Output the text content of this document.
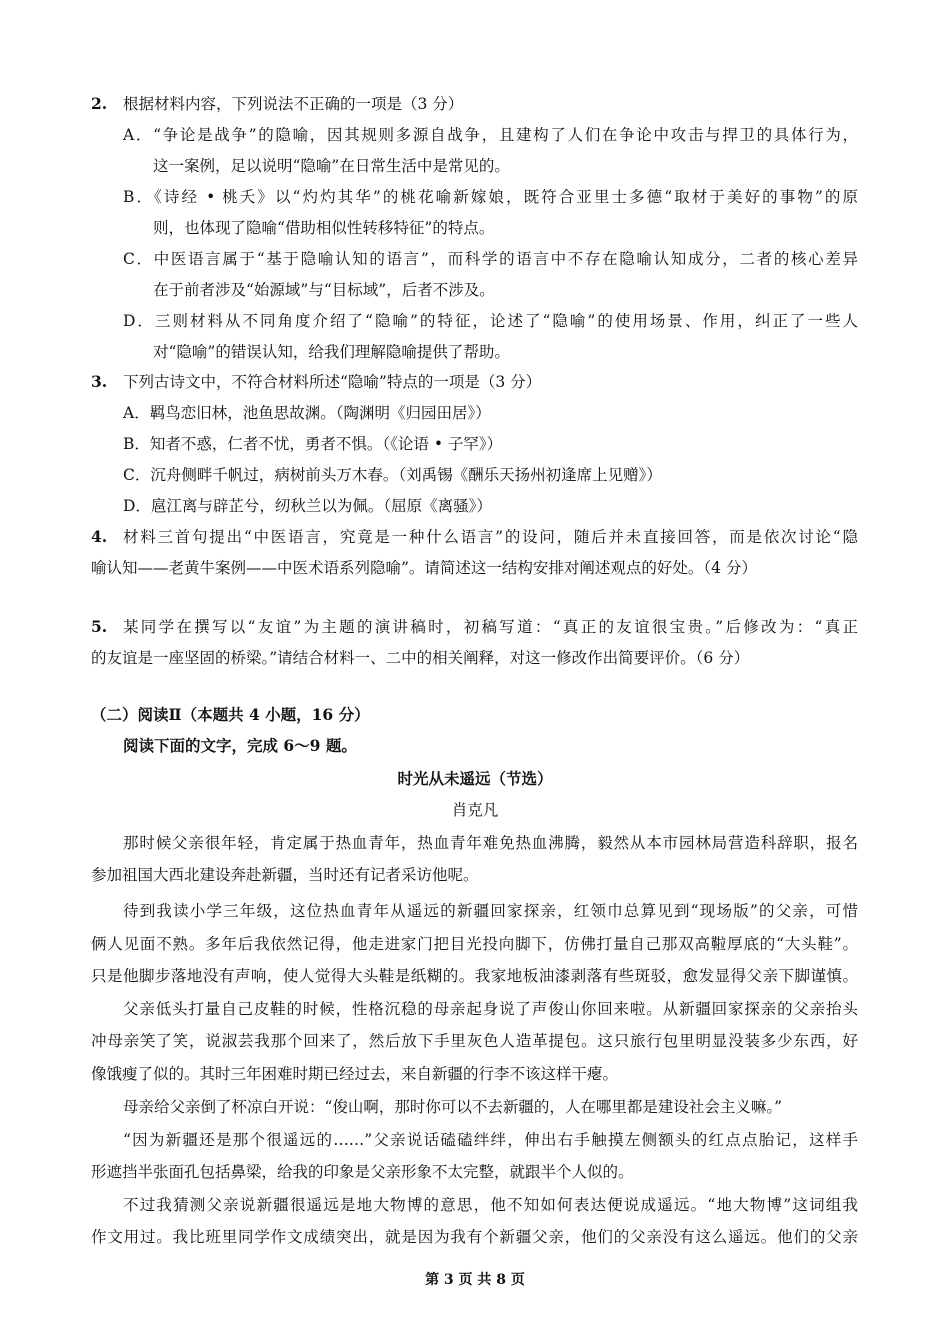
2. 根据材料内容，下列说法不正确的一项是（3 分）
A．“争论是战争”的隐喻，因其规则多源自战争，且建构了人们在争论中攻击与捍卫的具体行为，
这一案例，足以说明“隐喻”在日常生活中是常见的。
B．《诗经 • 桃夭》以“灼灼其华”的桃花喻新嫁娘，既符合亚里士多德“取材于美好的事物”的原
则，也体现了隐喻“借助相似性转移特征”的特点。
C．中医语言属于“基于隐喻认知的语言”，而科学的语言中不存在隐喻认知成分，二者的核心差异
在于前者涉及“始源域”与“目标域”，后者不涉及。
D．三则材料从不同角度介绍了“隐喻”的特征，论述了“隐喻”的使用场景、作用，纠正了一些人
对“隐喻”的错误认知，给我们理解隐喻提供了帮助。
3. 下列古诗文中，不符合材料所述“隐喻”特点的一项是（3 分）
A．羁鸟恋旧林，池鱼思故渊。（陶渊明《归园田居》）
B．知者不惑，仁者不忧，勇者不惧。（《论语 • 子罕》）
C．沉舟侧畔千帆过，病树前头万木春。（刘禹锡《酬乐天扬州初逢席上见赠》）
D．扈江离与辟芷兮，纫秋兰以为佩。（屈原《离骚》）
4. 材料三首句提出“中医语言，究竟是一种什么语言”的设问，随后并未直接回答，而是依次讨论“隐
喻认知——老黄牛案例——中医术语系列隐喻”。请简述这一结构安排对阐述观点的好处。（4 分）
5. 某同学在撰写以“友谊”为主题的演讲稿时，初稿写道：“真正的友谊很宝贵。”后修改为：“真正
的友谊是一座坚固的桥梁。”请结合材料一、二中的相关阐释，对这一修改作出简要评价。（6 分）
（二）阅读Ⅱ（本题共 4 小题，16 分）
阅读下面的文字，完成 6～9 题。
时光从未遥远（节选）
肖克凡
那时候父亲很年轻，肯定属于热血青年，热血青年难免热血沸腾，毅然从本市园林局营造科辞职，报名
参加祖国大西北建设奔赴新疆，当时还有记者采访他呢。
待到我读小学三年级，这位热血青年从遥远的新疆回家探亲，红领巾总算见到“现场版”的父亲，可惜
俩人见面不熟。多年后我依然记得，他走进家门把目光投向脚下，仿佛打量自己那双高鞡厚底的“大头鞋”。
只是他脚步落地没有声响，使人觉得大头鞋是纸糊的。我家地板油漆剥落有些斑驳，愈发显得父亲下脚谨慎。
父亲低头打量自己皮鞋的时候，性格沉稳的母亲起身说了声俊山你回来啦。从新疆回家探亲的父亲抬头
冲母亲笑了笑，说淑芸我那个回来了，然后放下手里灰色人造革提包。这只旅行包里明显没装多少东西，好
像饿瘦了似的。其时三年困难时期已经过去，来自新疆的行李不该这样干瘪。
母亲给父亲倒了杯凉白开说：“俊山啊，那时你可以不去新疆的，人在哪里都是建设社会主义嘛。”
“因为新疆还是那个很遥远的……”父亲说话磕磕绊绊，伸出右手触摸左侧额头的红点点胎记，这样手
形遮挡半张面孔包括鼻梁，给我的印象是父亲形象不太完整，就跟半个人似的。
不过我猜测父亲说新疆很遥远是地大物博的意思，他不知如何表达便说成遥远。“地大物博”这词组我
作文用过。我比班里同学作文成绩突出，就是因为我有个新疆父亲，他们的父亲没有这么遥远。他们的父亲
第 3 页 共 8 页
